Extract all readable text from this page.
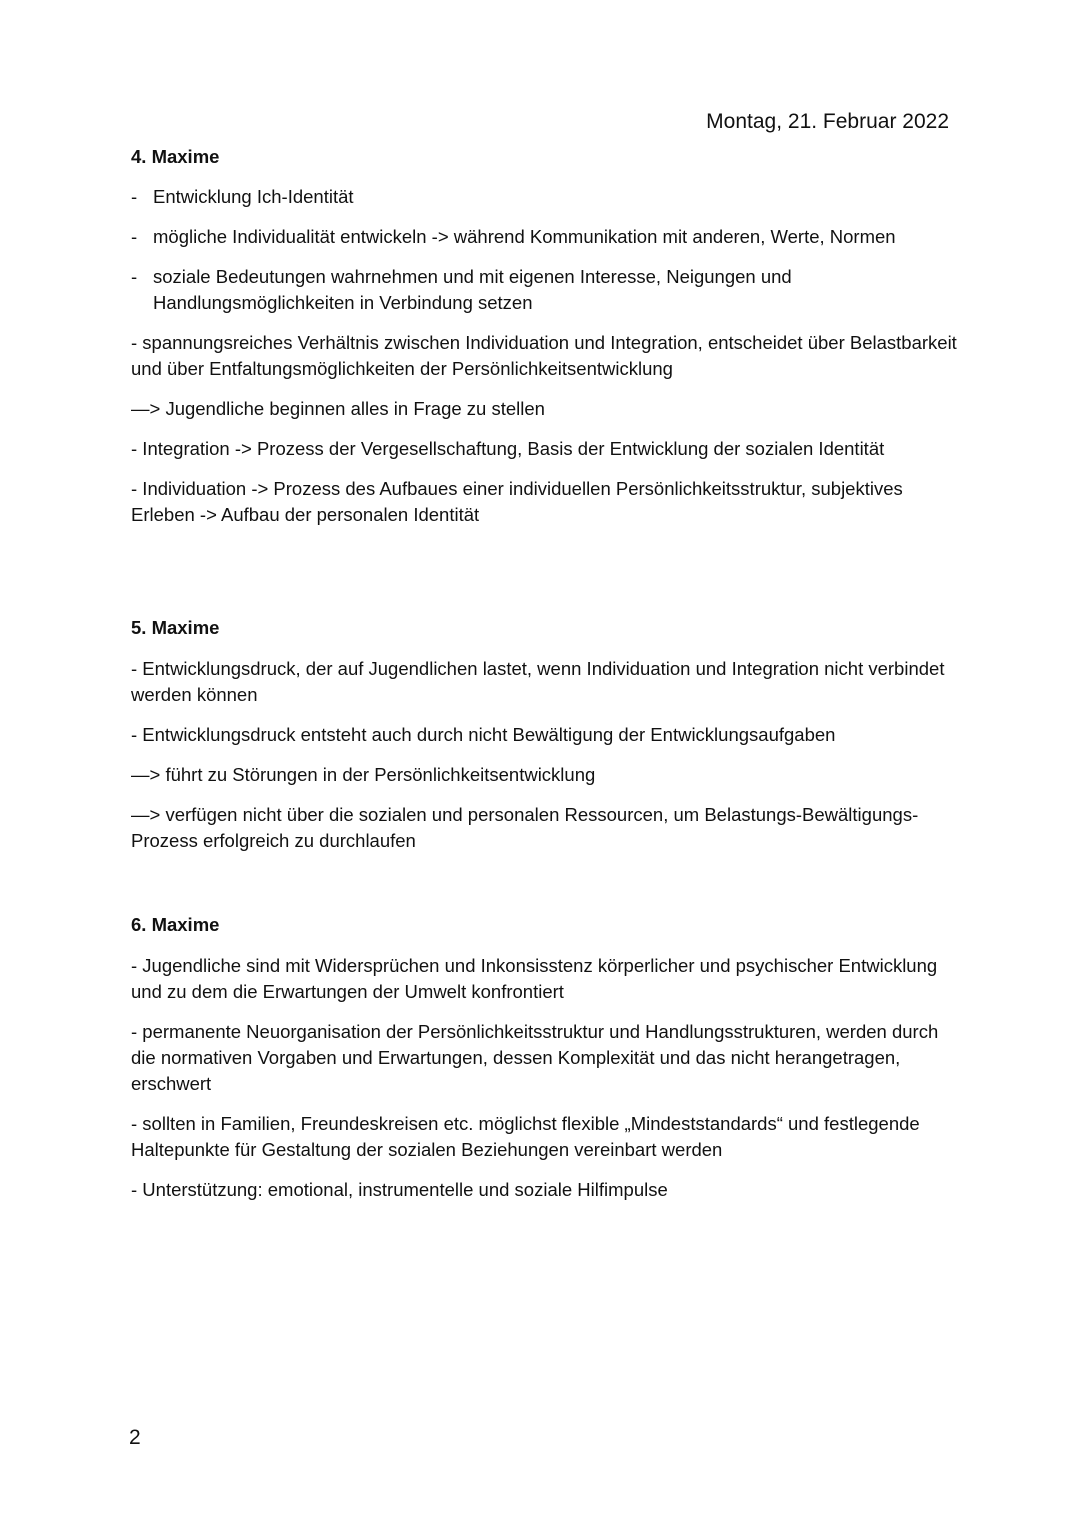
Montag, 21. Februar 2022

4. Maxime

- Entwicklung Ich-Identität
- mögliche Individualität entwickeln -> während Kommunikation mit anderen, Werte, Normen
- soziale Bedeutungen wahrnehmen und mit eigenen Interesse, Neigungen und Handlungsmöglichkeiten in Verbindung setzen

- spannungsreiches Verhältnis zwischen Individuation und Integration, entscheidet über Belastbarkeit und über Entfaltungsmöglichkeiten der Persönlichkeitsentwicklung

—> Jugendliche beginnen alles in Frage zu stellen

- Integration -> Prozess der Vergesellschaftung, Basis der Entwicklung der sozialen Identität

- Individuation -> Prozess des Aufbaues einer individuellen Persönlichkeitsstruktur, subjektives Erleben -> Aufbau der personalen Identität

5. Maxime

- Entwicklungsdruck, der auf Jugendlichen lastet, wenn Individuation und Integration nicht verbindet werden können

- Entwicklungsdruck entsteht auch durch nicht Bewältigung der Entwicklungsaufgaben

—> führt zu Störungen in der Persönlichkeitsentwicklung

—> verfügen nicht über die sozialen und personalen Ressourcen, um Belastungs-Bewältigungs-Prozess erfolgreich zu durchlaufen

6. Maxime

- Jugendliche sind mit Widersprüchen und Inkonsisstenz körperlicher und psychischer Entwicklung und zu dem die Erwartungen der Umwelt konfrontiert

- permanente Neuorganisation der Persönlichkeitsstruktur und Handlungsstrukturen, werden durch die normativen Vorgaben und Erwartungen, dessen Komplexität und das nicht herangetragen, erschwert

- sollten in Familien, Freundeskreisen etc. möglichst flexible „Mindeststandards“ und festlegende Haltepunkte für Gestaltung der sozialen Beziehungen vereinbart werden

- Unterstützung: emotional, instrumentelle und soziale Hilfimpulse

2
